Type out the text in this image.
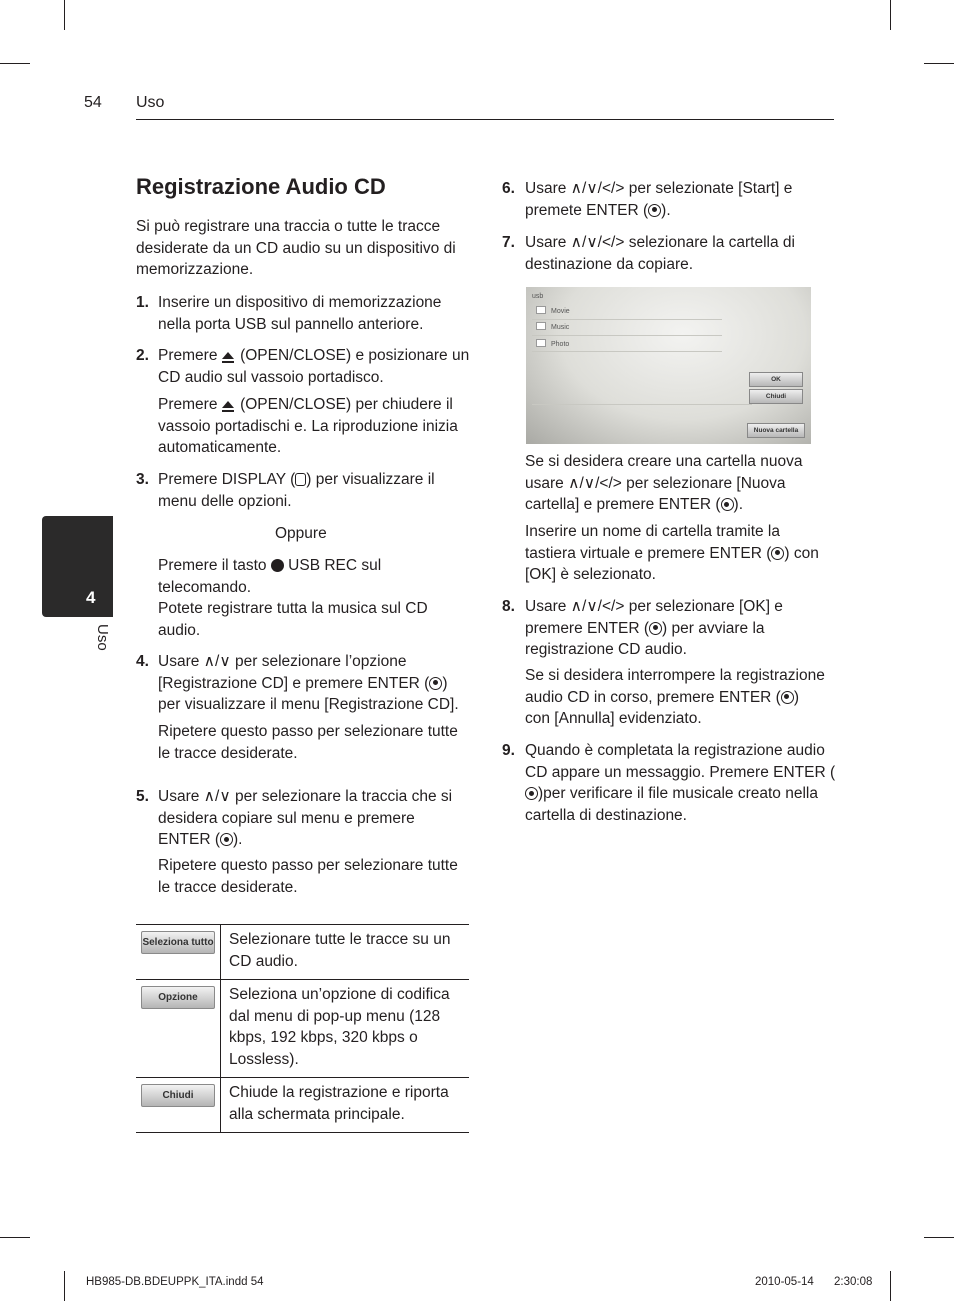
54 Uso
4
Uso
Registrazione Audio CD
Si può registrare una traccia o tutte le tracce desiderate da un CD audio su un dispositivo di memorizzazione.
1. Inserire un dispositivo di memorizzazione nella porta USB sul pannello anteriore.
2. Premere (OPEN/CLOSE) e posizionare un CD audio sul vassoio portadisco.
Premere (OPEN/CLOSE) per chiudere il vassoio portadischi e. La riproduzione inizia automaticamente.
3. Premere DISPLAY ( ) per visualizzare il menu delle opzioni.
Oppure
Premere il tasto USB REC sul telecomando.
Potete registrare tutta la musica sul CD audio.
4. Usare ∧/∨ per selezionare l’opzione [Registrazione CD] e premere ENTER ( ) per visualizzare il menu [Registrazione CD].
Ripetere questo passo per selezionare tutte le tracce desiderate.
5. Usare ∧/∨ per selezionare la traccia che si desidera copiare sul menu e premere ENTER ( ).
Ripetere questo passo per selezionare tutte le tracce desiderate.
Seleziona tutto	Selezionare tutte le tracce su un CD audio.

Opzione	Seleziona un’opzione di codifica dal menu di pop-up menu (128 kbps, 192 kbps, 320 kbps o Lossless).

Chiudi	Chiude la registrazione e riporta alla schermata principale.
6. Usare ∧/∨/</> per selezionate [Start] e premete ENTER ( ).
7. Usare ∧/∨/</> selezionare la cartella di destinazione da copiare.
usb
Movie
Music
Photo
OK
Chiudi
Nuova cartella
Se si desidera creare una cartella nuova usare ∧/∨/</> per selezionare [Nuova cartella] e premere ENTER ( ).
Inserire un nome di cartella tramite la tastiera virtuale e premere ENTER ( ) con [OK] è selezionato.
8. Usare ∧/∨/</> per selezionare [OK] e premere ENTER ( ) per avviare la registrazione CD audio.
Se si desidera interrompere la registrazione audio CD in corso, premere ENTER ( ) con [Annulla] evidenziato.
9. Quando è completata la registrazione audio CD appare un messaggio. Premere ENTER ()per verificare il file musicale creato nella cartella di destinazione.
HB985-DB.BDEUPPK_ITA.indd 54	2010-05-14 2:30:08
